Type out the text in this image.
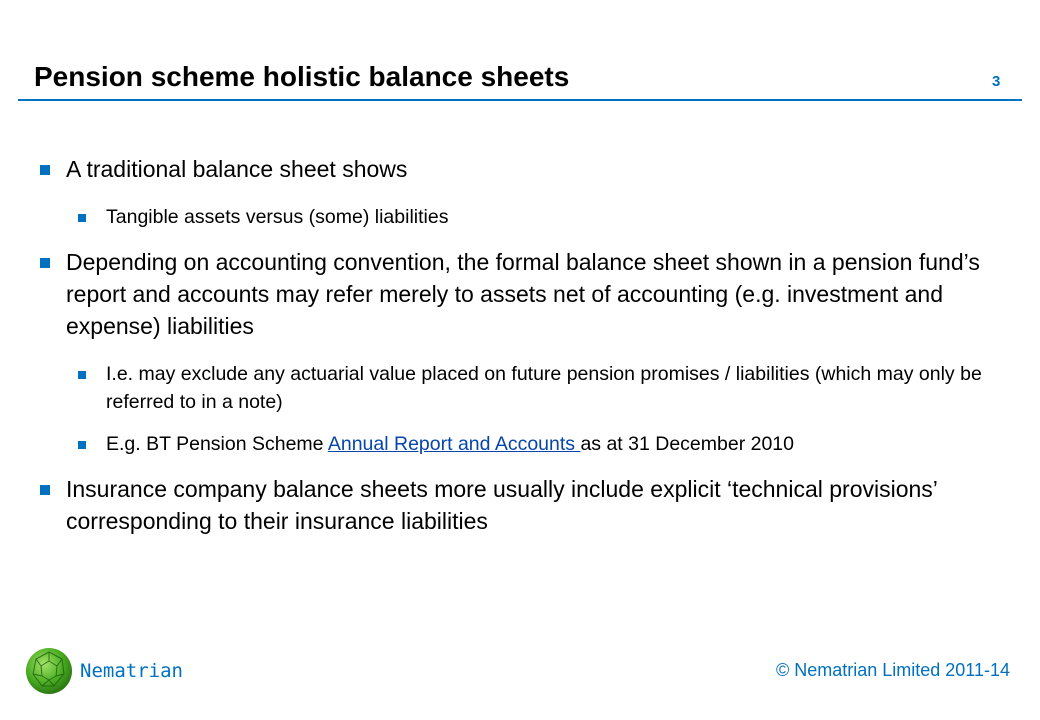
Pension scheme holistic balance sheets	3
A traditional balance sheet shows
Tangible assets versus (some) liabilities
Depending on accounting convention, the formal balance sheet shown in a pension fund’s report and accounts may refer merely to assets net of accounting (e.g. investment and expense) liabilities
I.e. may exclude any actuarial value placed on future pension promises / liabilities (which may only be referred to in a note)
E.g. BT Pension Scheme Annual Report and Accounts as at 31 December 2010
Insurance company balance sheets more usually include explicit ‘technical provisions’ corresponding to their insurance liabilities
Nematrian	© Nematrian Limited 2011-14
